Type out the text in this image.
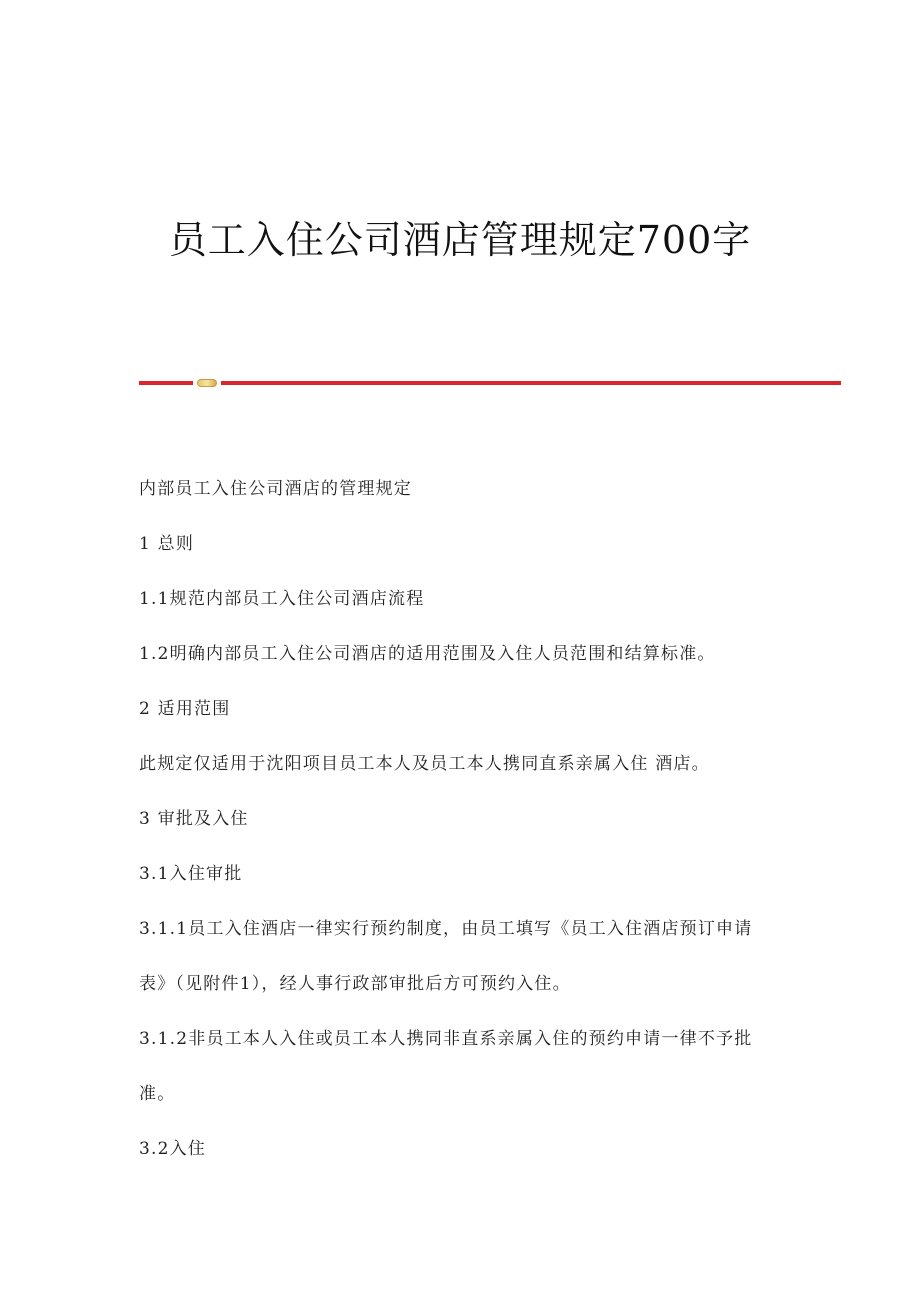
员工入住公司酒店管理规定700字

内部员工入住公司酒店的管理规定

1 总则

1.1规范内部员工入住公司酒店流程

1.2明确内部员工入住公司酒店的适用范围及入住人员范围和结算标准。

2 适用范围

此规定仅适用于沈阳项目员工本人及员工本人携同直系亲属入住 酒店。

3 审批及入住

3.1入住审批

3.1.1员工入住酒店一律实行预约制度，由员工填写《员工入住酒店预订申请表》（见附件1），经人事行政部审批后方可预约入住。

3.1.2非员工本人入住或员工本人携同非直系亲属入住的预约申请一律不予批准。

3.2入住
